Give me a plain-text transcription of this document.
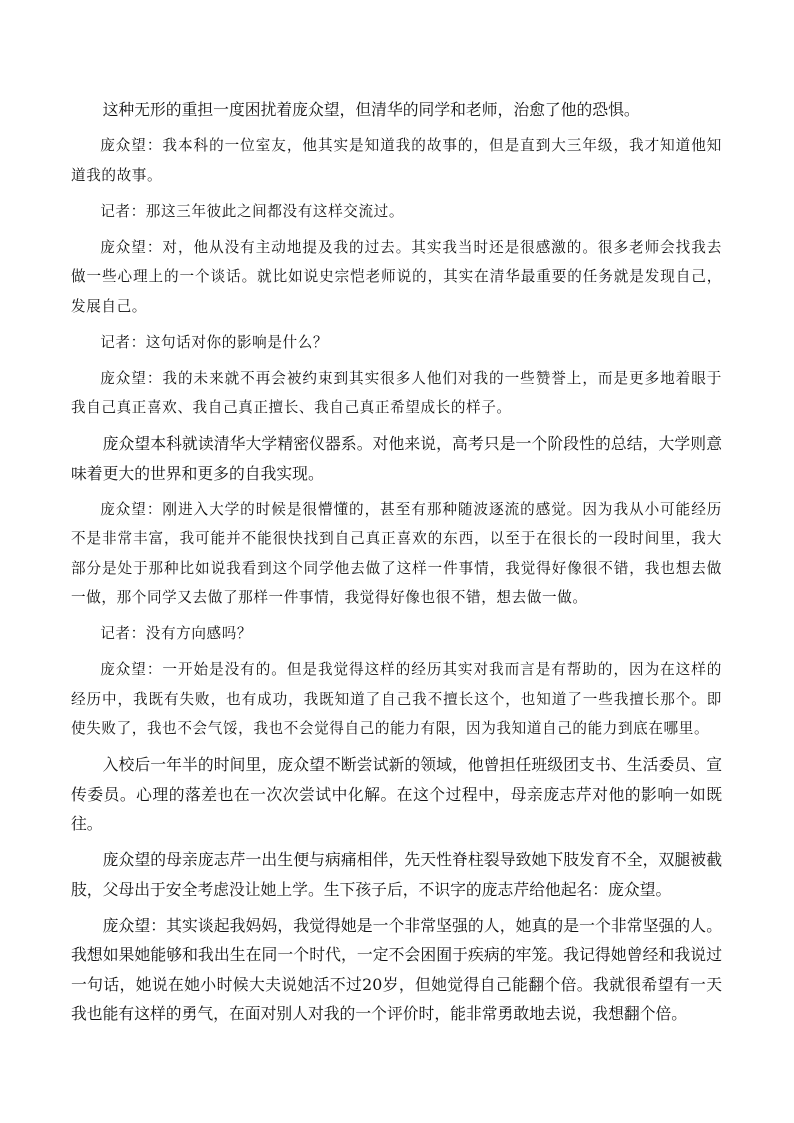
这种无形的重担一度困扰着庞众望，但清华的同学和老师，治愈了他的恐惧。

庞众望：我本科的一位室友，他其实是知道我的故事的，但是直到大三年级，我才知道他知道我的故事。

记者：那这三年彼此之间都没有这样交流过。

庞众望：对，他从没有主动地提及我的过去。其实我当时还是很感激的。很多老师会找我去做一些心理上的一个谈话。就比如说史宗恺老师说的，其实在清华最重要的任务就是发现自己，发展自己。

记者：这句话对你的影响是什么？

庞众望：我的未来就不再会被约束到其实很多人他们对我的一些赞誉上，而是更多地着眼于我自己真正喜欢、我自己真正擅长、我自己真正希望成长的样子。

庞众望本科就读清华大学精密仪器系。对他来说，高考只是一个阶段性的总结，大学则意味着更大的世界和更多的自我实现。

庞众望：刚进入大学的时候是很懵懂的，甚至有那种随波逐流的感觉。因为我从小可能经历不是非常丰富，我可能并不能很快找到自己真正喜欢的东西，以至于在很长的一段时间里，我大部分是处于那种比如说我看到这个同学他去做了这样一件事情，我觉得好像很不错，我也想去做一做，那个同学又去做了那样一件事情，我觉得好像也很不错，想去做一做。

记者：没有方向感吗？

庞众望：一开始是没有的。但是我觉得这样的经历其实对我而言是有帮助的，因为在这样的经历中，我既有失败，也有成功，我既知道了自己我不擅长这个，也知道了一些我擅长那个。即使失败了，我也不会气馁，我也不会觉得自己的能力有限，因为我知道自己的能力到底在哪里。

入校后一年半的时间里，庞众望不断尝试新的领域，他曾担任班级团支书、生活委员、宣传委员。心理的落差也在一次次尝试中化解。在这个过程中，母亲庞志芹对他的影响一如既往。

庞众望的母亲庞志芹一出生便与病痛相伴，先天性脊柱裂导致她下肢发育不全，双腿被截肢，父母出于安全考虑没让她上学。生下孩子后，不识字的庞志芹给他起名：庞众望。

庞众望：其实谈起我妈妈，我觉得她是一个非常坚强的人，她真的是一个非常坚强的人。我想如果她能够和我出生在同一个时代，一定不会困囿于疾病的牢笼。我记得她曾经和我说过一句话，她说在她小时候大夫说她活不过20岁，但她觉得自己能翻个倍。我就很希望有一天我也能有这样的勇气，在面对别人对我的一个评价时，能非常勇敢地去说，我想翻个倍。
